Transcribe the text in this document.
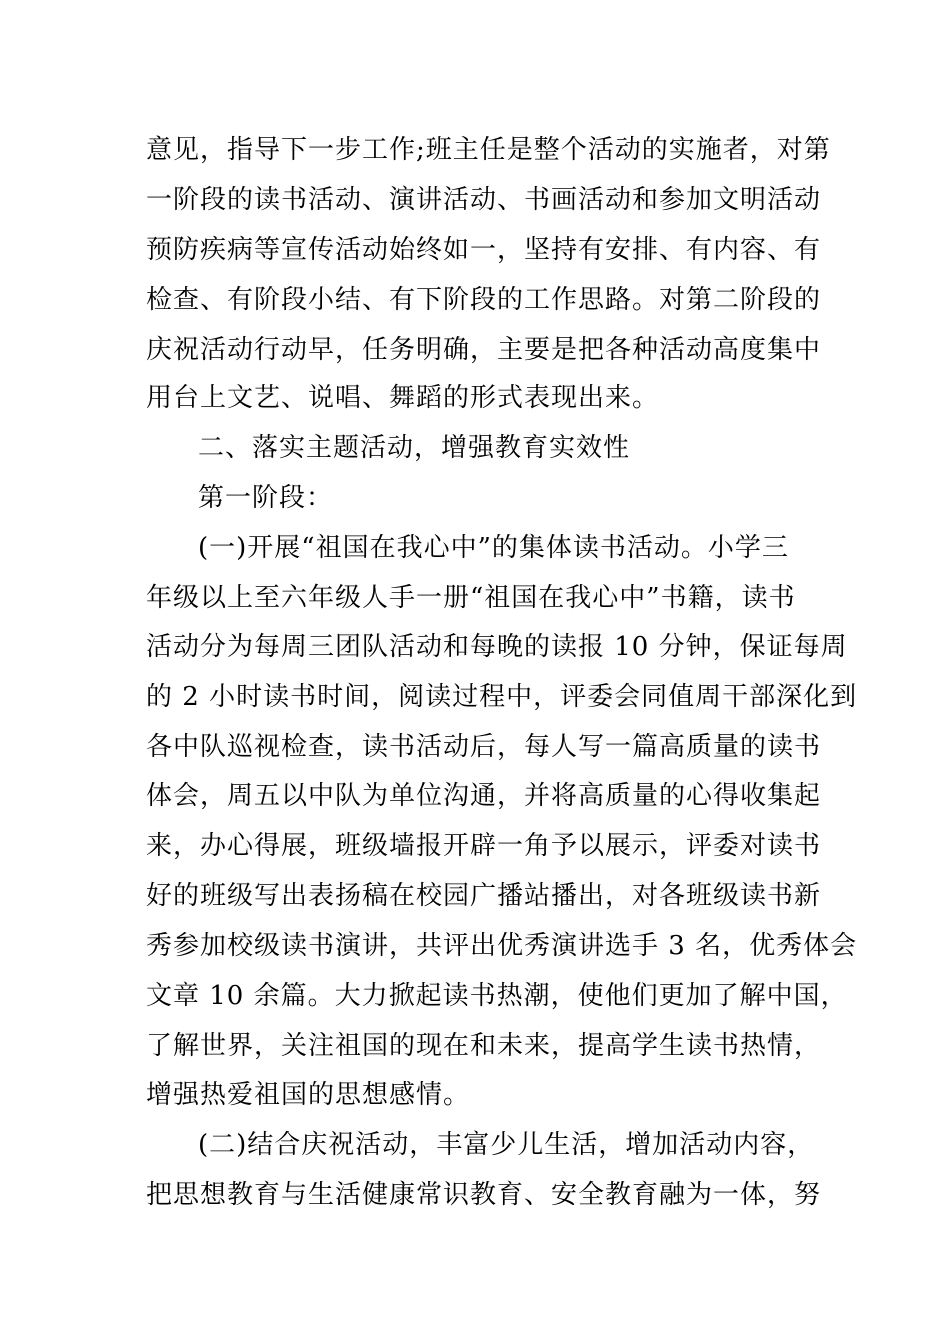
意见，指导下一步工作;班主任是整个活动的实施者，对第
一阶段的读书活动、演讲活动、书画活动和参加文明活动
预防疾病等宣传活动始终如一，坚持有安排、有内容、有
检查、有阶段小结、有下阶段的工作思路。对第二阶段的
庆祝活动行动早，任务明确，主要是把各种活动高度集中
用台上文艺、说唱、舞蹈的形式表现出来。
二、落实主题活动，增强教育实效性
第一阶段：
(一)开展“祖国在我心中”的集体读书活动。小学三
年级以上至六年级人手一册“祖国在我心中”书籍，读书
活动分为每周三团队活动和每晚的读报 10 分钟，保证每周
的 2 小时读书时间，阅读过程中，评委会同值周干部深化到
各中队巡视检查，读书活动后，每人写一篇高质量的读书
体会，周五以中队为单位沟通，并将高质量的心得收集起
来，办心得展，班级墙报开辟一角予以展示，评委对读书
好的班级写出表扬稿在校园广播站播出，对各班级读书新
秀参加校级读书演讲，共评出优秀演讲选手 3 名，优秀体会
文章 10 余篇。大力掀起读书热潮，使他们更加了解中国，
了解世界，关注祖国的现在和未来，提高学生读书热情，
增强热爱祖国的思想感情。
(二)结合庆祝活动，丰富少儿生活，增加活动内容，
把思想教育与生活健康常识教育、安全教育融为一体，努
